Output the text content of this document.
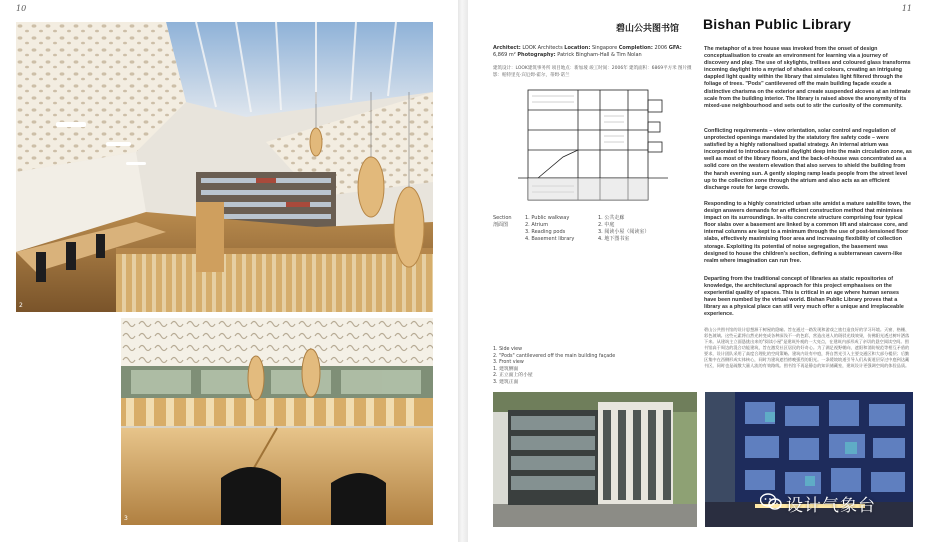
10
2
3
11
碧山公共图书馆 Bishan Public Library
Architect: LOOK Architects Location: Singapore Completion: 2006 GFA: 6,869 m² Photography: Patrick Bingham-Hall & Tim Nolan
建筑设计：LOOK建筑事务所 项目地点：新加坡 竣工时间：2006年 建筑面积：6869平方米 图片摄影：帕特里克·宾厄姆-霍尔，蒂姆·诺兰
Section
剖面图
1. Public walkway
2. Atrium
3. Reading pods
4. Basement library
1. 公共走廊
2. 中庭
3. 阅读小屋（阅读室）
4. 地下图书室
1. Side view
2. "Pods" cantilevered off the main building façade
3. Front view
1. 建筑侧面
2. 正立面上的小屋
3. 建筑正面
The metaphor of a tree house was invoked from the onset of design conceptualisation to create an environment for learning via a journey of discovery and play. The use of skylights, trellises and coloured glass transforms incoming daylight into a myriad of shades and colours, creating an intriguing dappled light quality within the library that simulates light filtered through the foliage of trees. "Pods" cantilevered off the main building façade exude a distinctive charisma on the exterior and create suspended alcoves at an intimate scale from the building interior. The library is raised above the anonymity of its mixed-use neighbourhood and sets out to stir the curiosity of the community.
Conflicting requirements – view orientation, solar control and regulation of unprotected openings mandated by the statutory fire safety code – were satisfied by a highly rationalised spatial strategy. An internal atrium was incorporated to introduce natural daylight deep into the main circulation zone, as well as most of the library floors, and the back-of-house was concentrated as a solid core on the western elevation that also serves to shield the building from the harsh evening sun. A gently sloping ramp leads people from the street level up to the collection zone through the atrium and also acts as an efficient discharge route for large crowds.
Responding to a highly constricted urban site amidst a mature satellite town, the design answers demands for an efficient construction method that minimises impact on its surroundings. In-situ concrete structure comprising four typical floor slabs over a basement are linked by a common lift and staircase core, and internal columns are kept to a minimum through the use of post-tensioned floor slabs, effectively maximising floor area and increasing flexibility of collection storage. Exploiting its potential of noise segregation, the basement was designed to house the children's section, defining a subterranean cavern-like realm where imagination can run free.
Departing from the traditional concept of libraries as static repositories of knowledge, the architectural approach for this project emphasises on the experiential quality of spaces. This is critical in an age where human senses have been numbed by the virtual world. Bishan Public Library proves that a library as a physical place can still very much offer a unique and irreplaceable experience.
碧山公共图书馆的设计思想源于树屋的隐喻。旨在通过一路发现和游戏之旅打造良好的学习环境。天窗、格栅、彩色玻璃。这些元素将自然光转变成各种深浅不一的色彩，营造出迷人的斑驳光线效果，仿佛阳光透过树叶洒落下来。从建筑主立面悬挑出来的"阅读小屋"是建筑外观的一大亮点，在建筑内部形成了亲切的悬空阅读空间。图书馆高于周边的混合功能建筑，旨在激发社区居民的好奇心。为了满足视野朝向、遮阳和消防规范等相互矛盾的要求，设计团队采用了高度合理化的空间策略。建筑内设有中庭，将自然光引入主要交通区和大部分楼层；后勤区集中在西侧形成实体核心，同时为建筑遮挡傍晚强烈的阳光。一条缓坡坡道引导人们从街道层穿过中庭到达藏书区，同时也是疏散大量人流的有效路线。图书馆不再是静态的知识储藏室，建筑设计更强调空间的体验品质。
设计气象台
